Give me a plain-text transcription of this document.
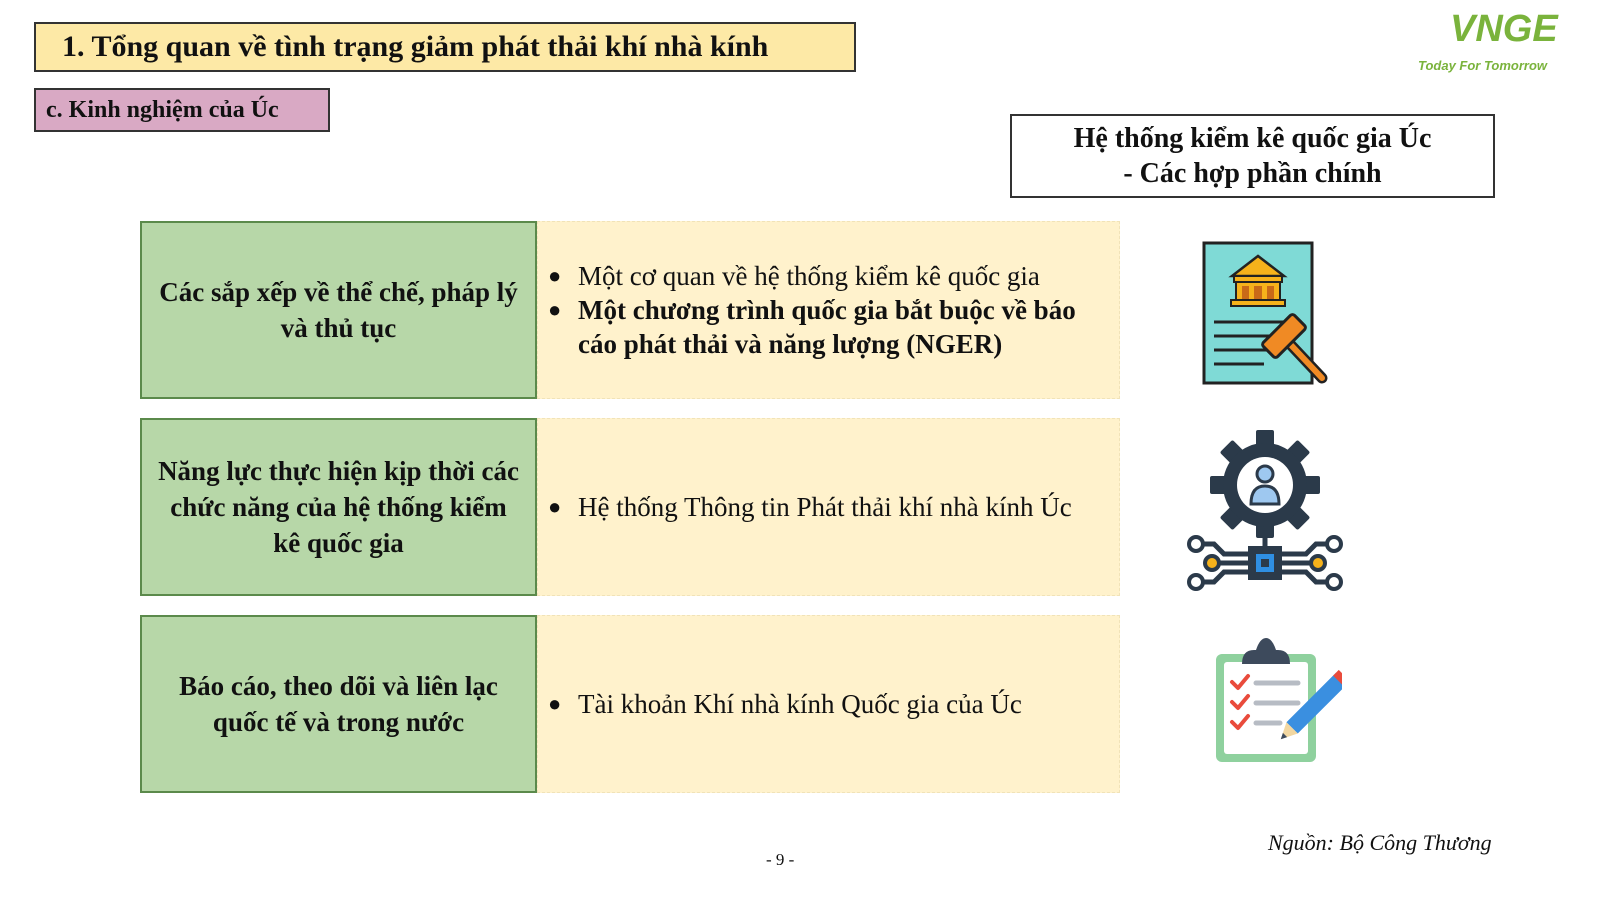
1. Tổng quan về tình trạng giảm phát thải khí nhà kính
c. Kinh nghiệm của Úc
VNGE
Today For Tomorrow
Hệ thống kiểm kê quốc gia Úc
- Các hợp phần chính
Các sắp xếp về thể chế, pháp lý và thủ tục
● Một cơ quan về hệ thống kiểm kê quốc gia
● Một chương trình quốc gia bắt buộc về báo cáo phát thải và năng lượng (NGER)
Năng lực thực hiện kịp thời các chức năng của hệ thống kiểm kê quốc gia
● Hệ thống Thông tin Phát thải khí nhà kính Úc
Báo cáo, theo dõi và liên lạc quốc tế và trong nước
● Tài khoản Khí nhà kính Quốc gia của Úc
Nguồn: Bộ Công Thương
- 9 -
